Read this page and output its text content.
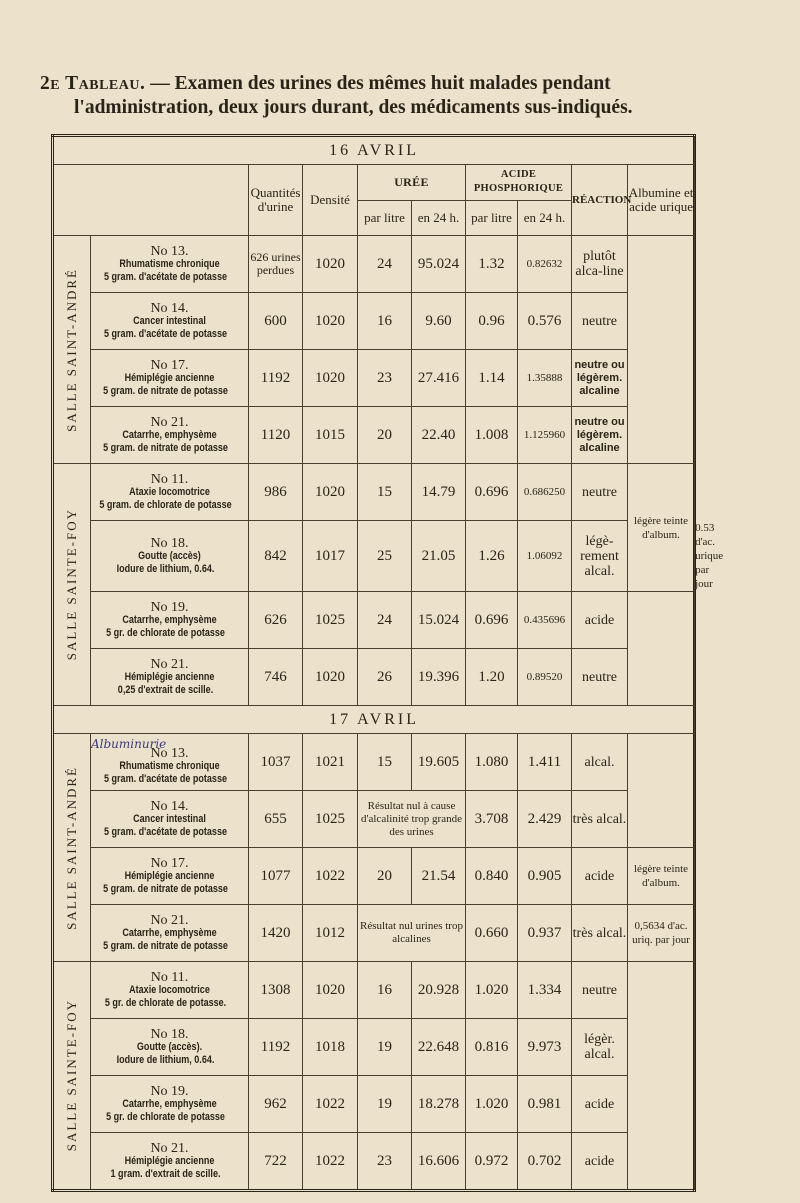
2e Tableau. — Examen des urines des mêmes huit malades pendant
l'administration, deux jours durant, des médicaments sus-indiqués.
16 AVRIL										
		Quantités d'urine	Densité	URÉE		ACIDE PHOSPHORIQUE		RÉACTION	Albumine et acide urique	
				par litre	en 24 h.	par litre	en 24 h.			

SALLE SAINT-ANDRÉ	No 13.
Rhumatisme chronique
5 gram. d'acétate de potasse	626 urines perdues	1020	24	95.024	1.32	0.82632	plutôt alca-line		

	No 14.
Cancer intestinal
5 gram. d'acétate de potasse	600	1020	16	9.60	0.96	0.576	neutre		

	No 17.
Hémiplégie ancienne
5 gram. de nitrate de potasse	1192	1020	23	27.416	1.14	1.35888	neutre ou légèrem. alcaline		

	No 21.
Catarrhe, emphysème
5 gram. de nitrate de potasse	1120	1015	20	22.40	1.008	1.125960	neutre ou légèrem. alcaline		

SALLE SAINTE-FOY	No 11.
Ataxie locomotrice
5 gram. de chlorate de potasse	986	1020	15	14.79	0.696	0.686250	neutre	légère teinte d'album.	

	No 18.
Goutte (accès)
Iodure de lithium, 0.64.	842	1017	25	21.05	1.26	1.06092	légè-rement alcal.		0.53 d'ac. urique par jour

	No 19.
Catarrhe, emphysème
5 gr. de chlorate de potasse	626	1025	24	15.024	0.696	0.435696	acide		

	No 21.
Hémiplégie ancienne
0,25 d'extrait de scille.	746	1020	26	19.396	1.20	0.89520	neutre		
17 AVRIL										

SALLE SAINT-ANDRÉ	Albuminurie
No 13.
Rhumatisme chronique
5 gram. d'acétate de potasse	1037	1021	15	19.605	1.080	1.411	alcal.		

	No 14.
Cancer intestinal
5 gram. d'acétate de potasse	655	1025	Résultat nul à cause d'alcalinité trop grande des urines		3.708	2.429	très alcal.		

	No 17.
Hémiplégie ancienne
5 gram. de nitrate de potasse	1077	1022	20	21.54	0.840	0.905	acide	légère teinte d'album.	

	No 21.
Catarrhe, emphysème
5 gram. de nitrate de potasse	1420	1012	Résultat nul urines trop alcalines		0.660	0.937	très alcal.	0,5634 d'ac. uriq. par jour	

SALLE SAINTE-FOY	No 11.
Ataxie locomotrice
5 gr. de chlorate de potasse.	1308	1020	16	20.928	1.020	1.334	neutre		

	No 18.
Goutte (accès).
Iodure de lithium, 0.64.	1192	1018	19	22.648	0.816	9.973	légèr. alcal.		

	No 19.
Catarrhe, emphysème
5 gr. de chlorate de potasse	962	1022	19	18.278	1.020	0.981	acide		

	No 21.
Hémiplégie ancienne
1 gram. d'extrait de scille.	722	1022	23	16.606	0.972	0.702	acide		
